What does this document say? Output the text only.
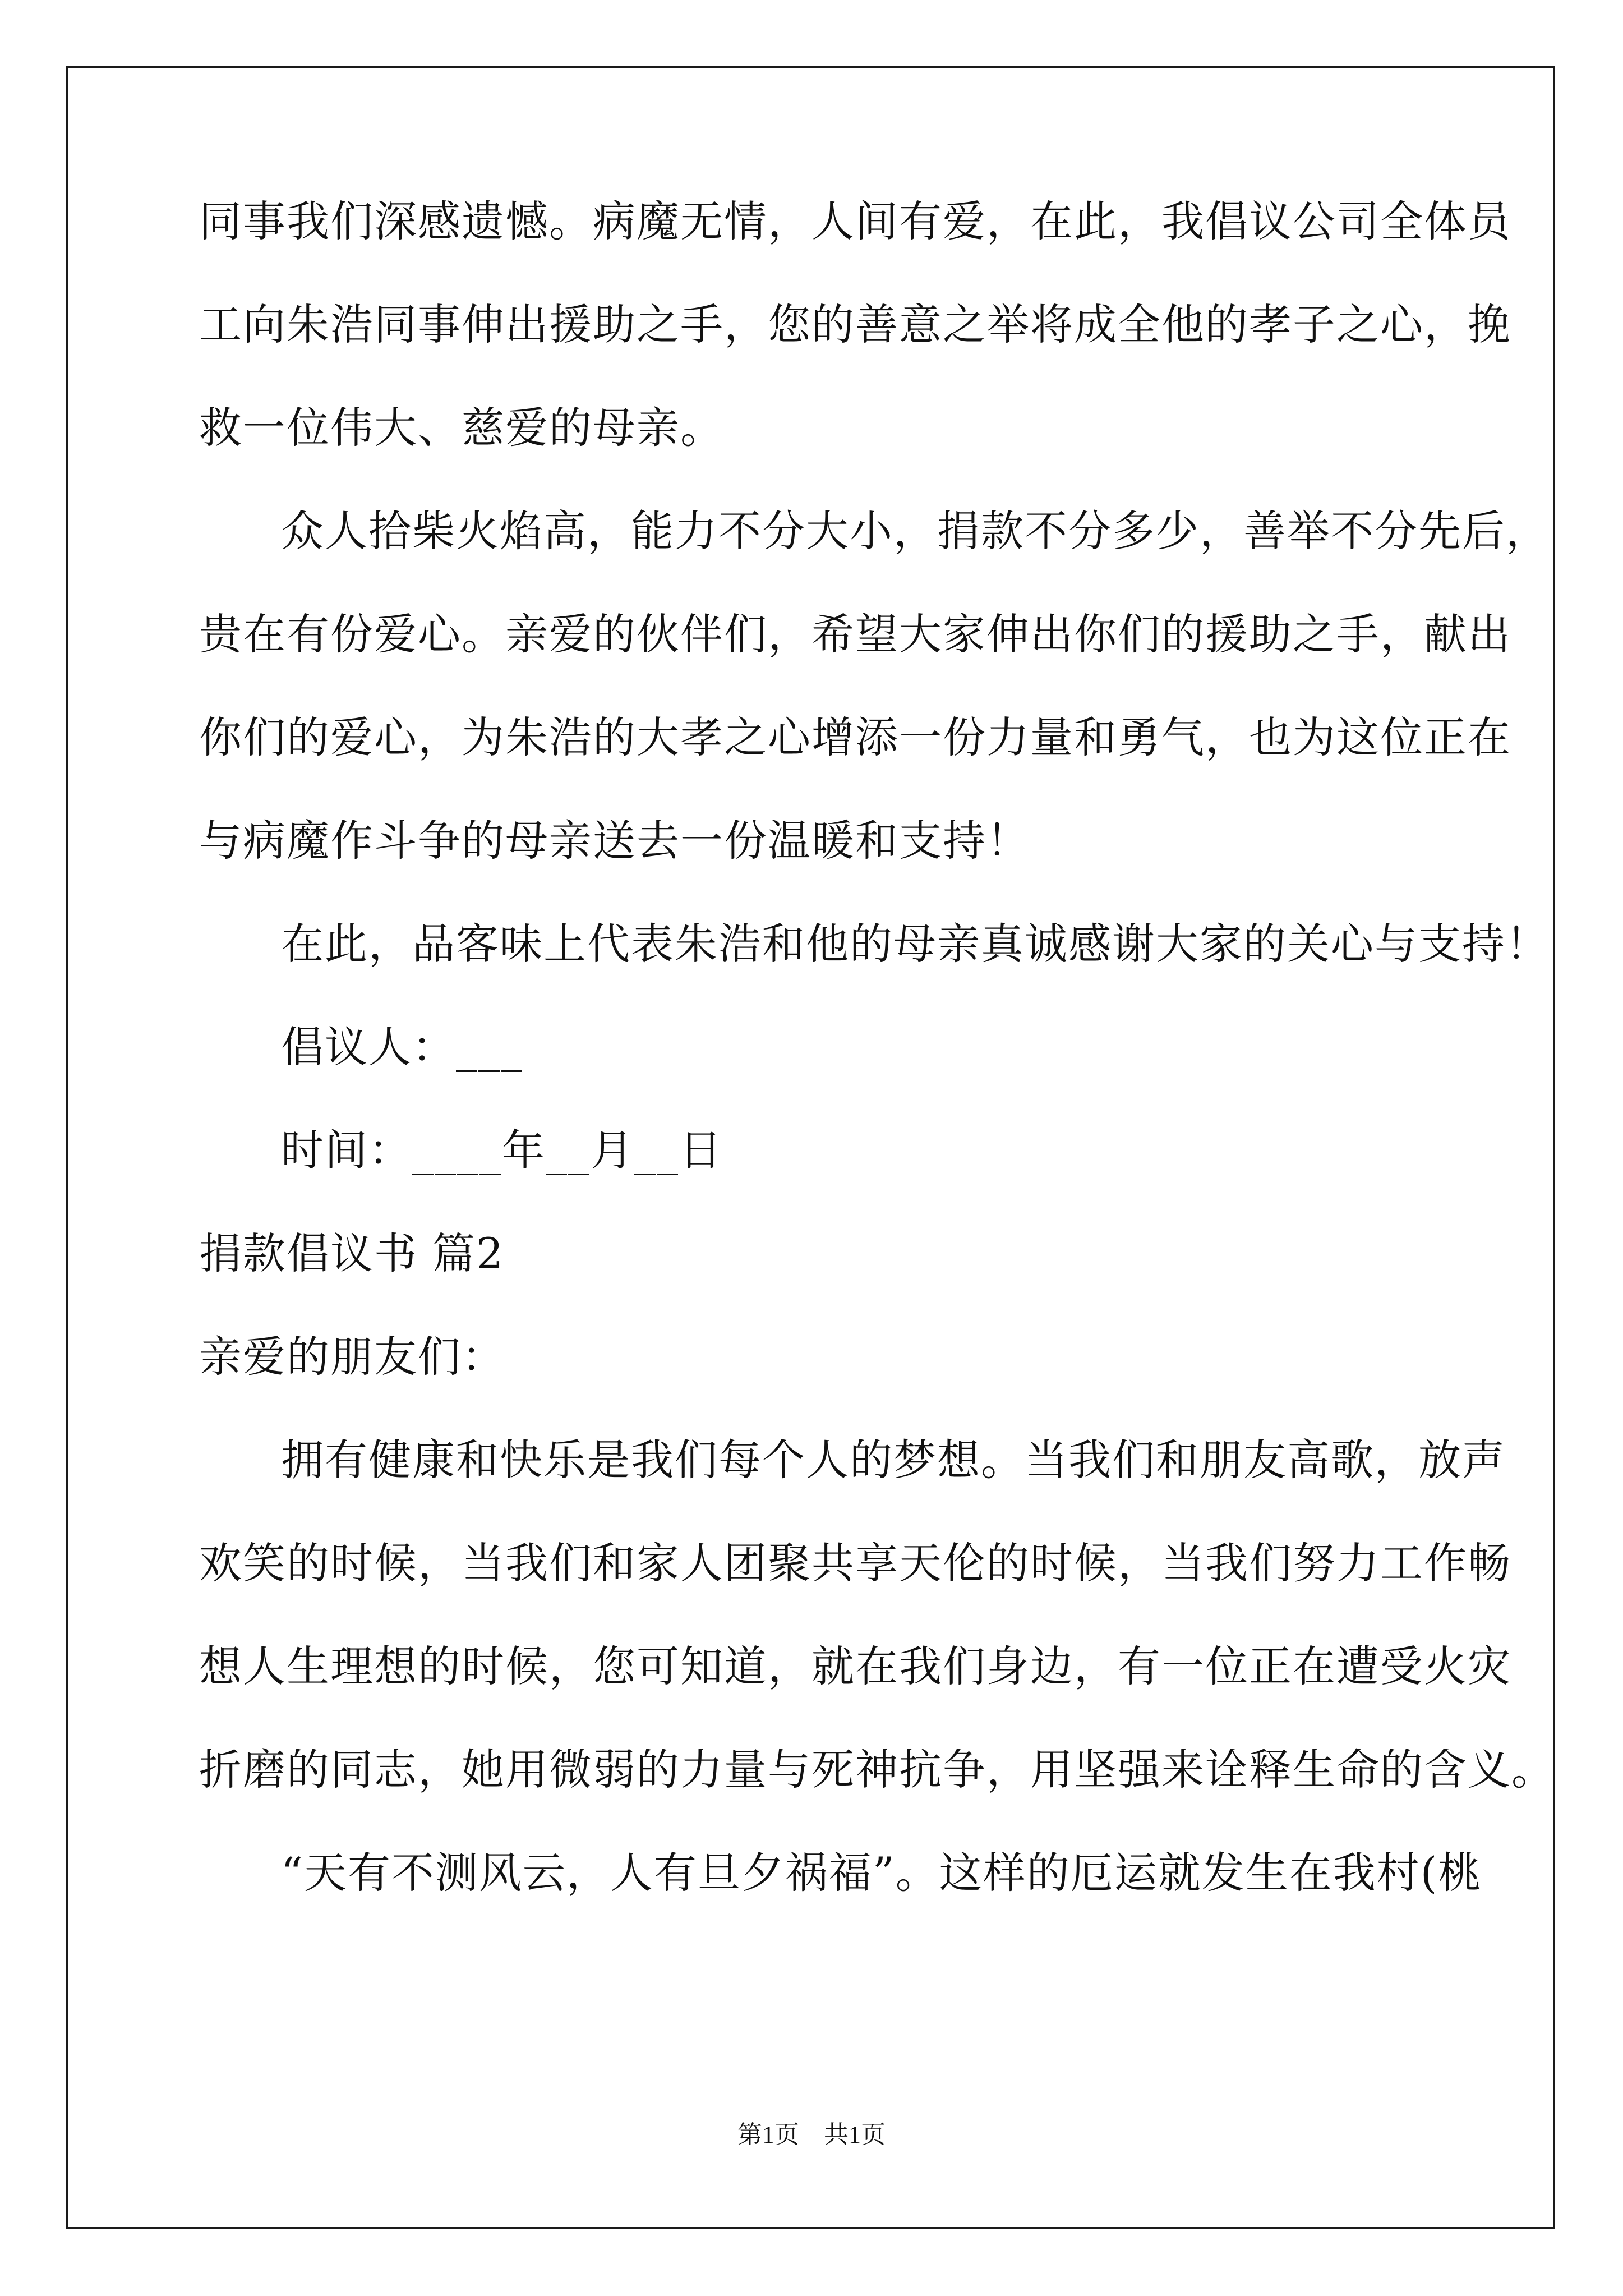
同事我们深感遗憾。病魔无情，人间有爱，在此，我倡议公司全体员
工向朱浩同事伸出援助之手，您的善意之举将成全他的孝子之心，挽
救一位伟大、慈爱的母亲。
众人拾柴火焰高，能力不分大小，捐款不分多少，善举不分先后，
贵在有份爱心。亲爱的伙伴们，希望大家伸出你们的援助之手，献出
你们的爱心，为朱浩的大孝之心增添一份力量和勇气，也为这位正在
与病魔作斗争的母亲送去一份温暖和支持！
在此，品客味上代表朱浩和他的母亲真诚感谢大家的关心与支持！
倡议人：___
时间：____年__月__日
捐款倡议书 篇2
亲爱的朋友们：
拥有健康和快乐是我们每个人的梦想。当我们和朋友高歌，放声
欢笑的时候，当我们和家人团聚共享天伦的时候，当我们努力工作畅
想人生理想的时候，您可知道，就在我们身边，有一位正在遭受火灾
折磨的同志，她用微弱的力量与死神抗争，用坚强来诠释生命的含义。
“天有不测风云，人有旦夕祸福”。这样的厄运就发生在我村(桃
第1页 共1页
